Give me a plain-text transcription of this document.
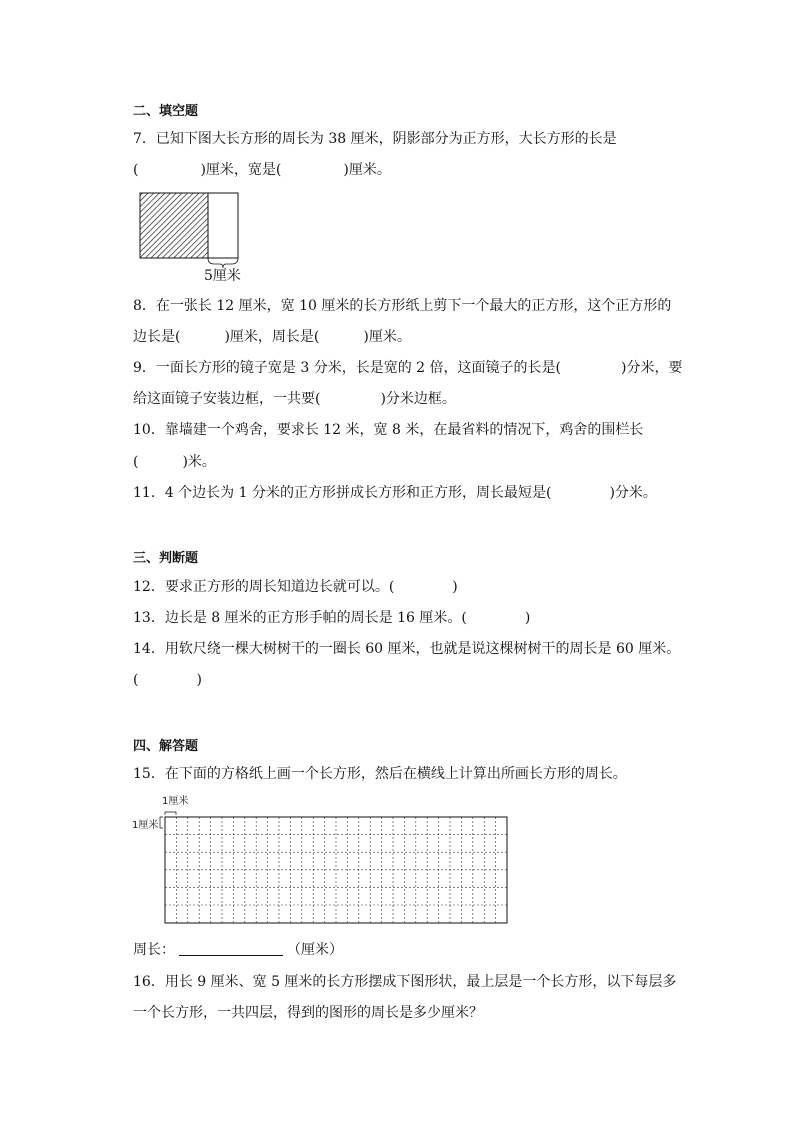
二、填空题
7．已知下图大长方形的周长为 38 厘米，阴影部分为正方形，大长方形的长是
(	)厘米，宽是(	)厘米。
5厘米
8．在一张长 12 厘米，宽 10 厘米的长方形纸上剪下一个最大的正方形，这个正方形的
边长是(	)厘米，周长是(	)厘米。
9．一面长方形的镜子宽是 3 分米，长是宽的 2 倍，这面镜子的长是(	)分米，要
给这面镜子安装边框，一共要(	)分米边框。
10．靠墙建一个鸡舍，要求长 12 米，宽 8 米，在最省料的情况下，鸡舍的围栏长
(	)米。
11．4 个边长为 1 分米的正方形拼成长方形和正方形，周长最短是(	)分米。
三、判断题
12．要求正方形的周长知道边长就可以。(	)
13．边长是 8 厘米的正方形手帕的周长是 16 厘米。(	)
14．用软尺绕一棵大树树干的一圈长 60 厘米，也就是说这棵树树干的周长是 60 厘米。
(	)
四、解答题
15．在下面的方格纸上画一个长方形，然后在横线上计算出所画长方形的周长。
1厘米
1厘米
周长：	（厘米）
16．用长 9 厘米、宽 5 厘米的长方形摆成下图形状，最上层是一个长方形，以下每层多
一个长方形，一共四层，得到的图形的周长是多少厘米？
